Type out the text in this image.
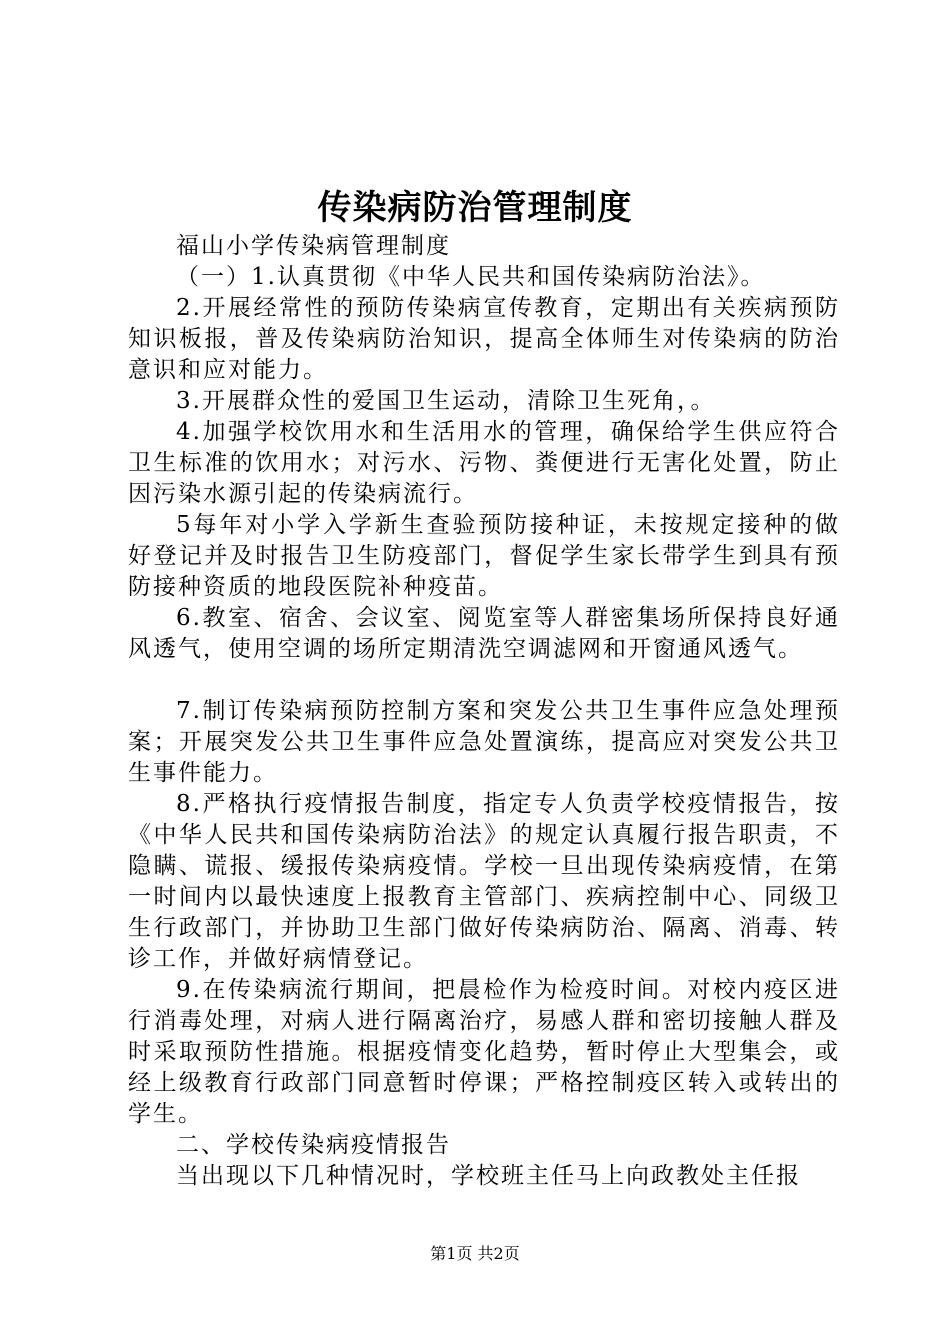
传染病防治管理制度

福山小学传染病管理制度

（一）1.认真贯彻《中华人民共和国传染病防治法》。

2.开展经常性的预防传染病宣传教育，定期出有关疾病预防知识板报，普及传染病防治知识，提高全体师生对传染病的防治意识和应对能力。

3.开展群众性的爱国卫生运动，清除卫生死角，。

4.加强学校饮用水和生活用水的管理，确保给学生供应符合卫生标准的饮用水；对污水、污物、粪便进行无害化处置，防止因污染水源引起的传染病流行。

5每年对小学入学新生查验预防接种证，未按规定接种的做好登记并及时报告卫生防疫部门，督促学生家长带学生到具有预防接种资质的地段医院补种疫苗。

6.教室、宿舍、会议室、阅览室等人群密集场所保持良好通风透气，使用空调的场所定期清洗空调滤网和开窗通风透气。

7.制订传染病预防控制方案和突发公共卫生事件应急处理预案；开展突发公共卫生事件应急处置演练，提高应对突发公共卫生事件能力。

8.严格执行疫情报告制度，指定专人负责学校疫情报告，按《中华人民共和国传染病防治法》的规定认真履行报告职责，不隐瞒、谎报、缓报传染病疫情。学校一旦出现传染病疫情，在第一时间内以最快速度上报教育主管部门、疾病控制中心、同级卫生行政部门，并协助卫生部门做好传染病防治、隔离、消毒、转诊工作，并做好病情登记。

9.在传染病流行期间，把晨检作为检疫时间。对校内疫区进行消毒处理，对病人进行隔离治疗，易感人群和密切接触人群及时采取预防性措施。根据疫情变化趋势，暂时停止大型集会，或经上级教育行政部门同意暂时停课；严格控制疫区转入或转出的学生。

二、学校传染病疫情报告

当出现以下几种情况时，学校班主任马上向政教处主任报

第1页 共2页
